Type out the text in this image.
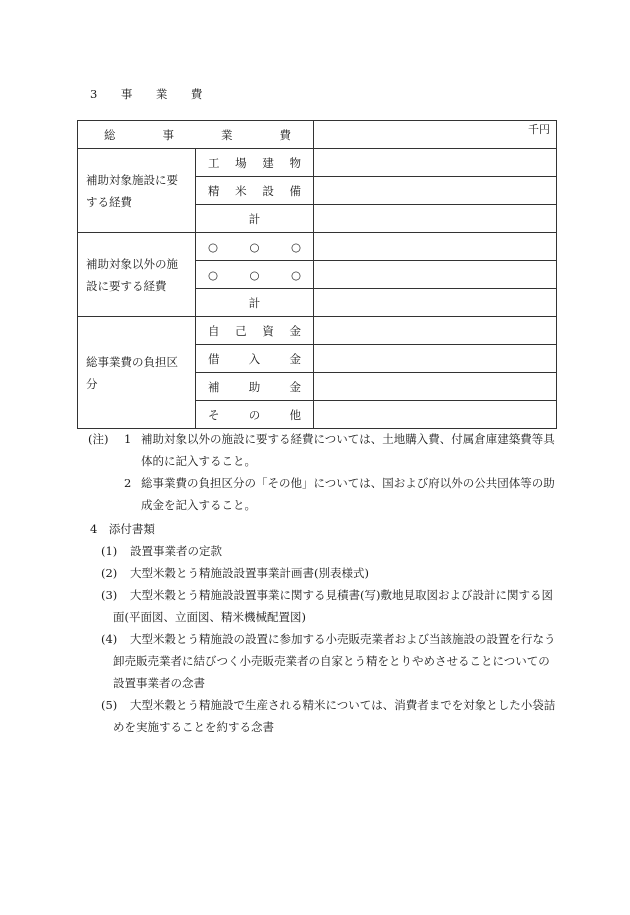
3　事　業　費
総 事 業 費		千円
補助対象施設に要する経費	工 場 建 物	

	精 米 設 備	

	計	
補助対象以外の施設に要する経費	○ ○ ○	

	○ ○ ○	

	計	
総事業費の負担区分	自 己 資 金	

	借 入 金	

	補 助 金	

	そ の 他	

(注) 1 補助対象以外の施設に要する経費については、土地購入費、付属倉庫建築費等具体的に記入すること。
2 総事業費の負担区分の「その他」については、国および府以外の公共団体等の助成金を記入すること。
4　添付書類
(1) 設置事業者の定款
(2) 大型米穀とう精施設設置事業計画書(別表様式)
(3)	大型米穀とう精施設設置事業に関する見積書(写)敷地見取図および設計に関する図面(平面図、立面図、精米機械配置図)
(4)	大型米穀とう精施設の設置に参加する小売販売業者および当該施設の設置を行なう卸売販売業者に結びつく小売販売業者の自家とう精をとりやめさせることについての設置事業者の念書
(5)	大型米穀とう精施設で生産される精米については、消費者までを対象とした小袋詰めを実施することを約する念書
